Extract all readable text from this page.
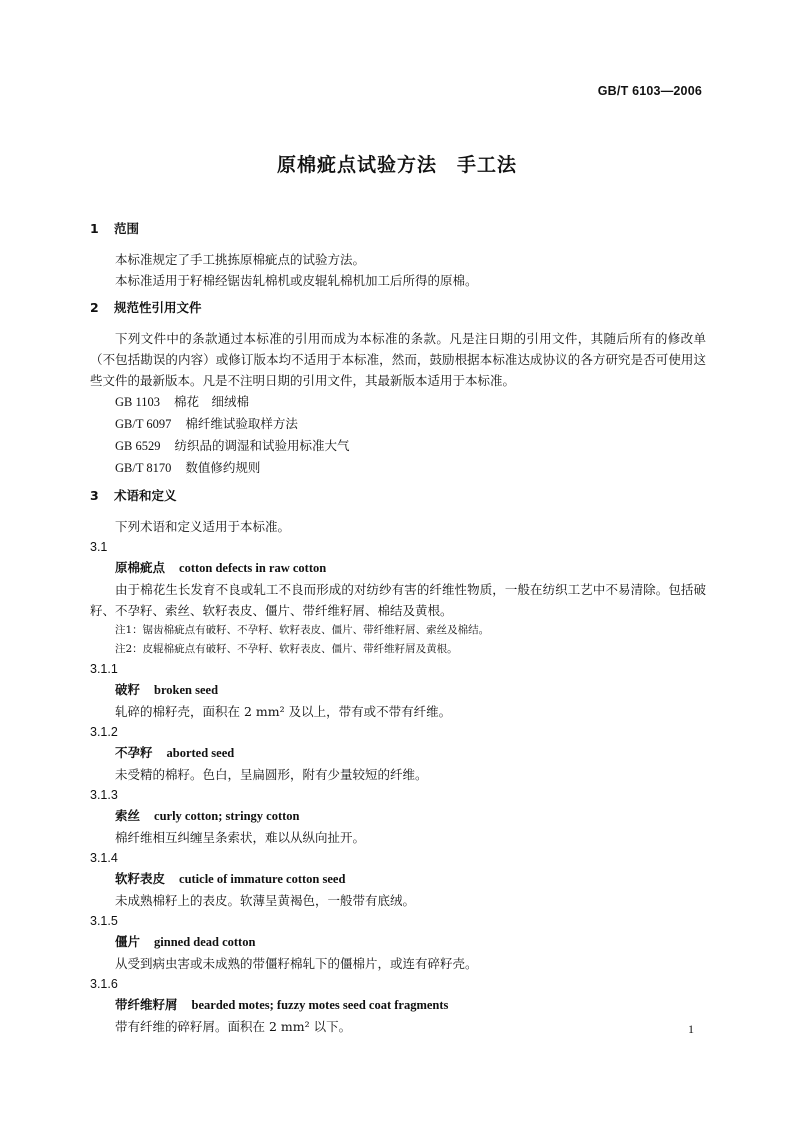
GB/T 6103—2006
原棉疵点试验方法　手工法
1 范围

本标准规定了手工挑拣原棉疵点的试验方法。

本标准适用于籽棉经锯齿轧棉机或皮辊轧棉机加工后所得的原棉。

2 规范性引用文件

下列文件中的条款通过本标准的引用而成为本标准的条款。凡是注日期的引用文件，其随后所有的修改单（不包括勘误的内容）或修订版本均不适用于本标准，然而，鼓励根据本标准达成协议的各方研究是否可使用这些文件的最新版本。凡是不注明日期的引用文件，其最新版本适用于本标准。

GB 1103 棉花　细绒棉

GB/T 6097 棉纤维试验取样方法

GB 6529 纺织品的调湿和试验用标准大气

GB/T 8170 数值修约规则

3 术语和定义

下列术语和定义适用于本标准。

3.1

原棉疵点 cotton defects in raw cotton

由于棉花生长发育不良或轧工不良而形成的对纺纱有害的纤维性物质，一般在纺织工艺中不易清除。包括破籽、不孕籽、索丝、软籽表皮、僵片、带纤维籽屑、棉结及黄根。

注1：锯齿棉疵点有破籽、不孕籽、软籽表皮、僵片、带纤维籽屑、索丝及棉结。

注2：皮辊棉疵点有破籽、不孕籽、软籽表皮、僵片、带纤维籽屑及黄根。

3.1.1

破籽 broken seed

轧碎的棉籽壳，面积在 2 mm² 及以上，带有或不带有纤维。

3.1.2

不孕籽 aborted seed

未受精的棉籽。色白，呈扁圆形，附有少量较短的纤维。

3.1.3

索丝 curly cotton; stringy cotton

棉纤维相互纠缠呈条索状，难以从纵向扯开。

3.1.4

软籽表皮 cuticle of immature cotton seed

未成熟棉籽上的表皮。软薄呈黄褐色，一般带有底绒。

3.1.5

僵片 ginned dead cotton

从受到病虫害或未成熟的带僵籽棉轧下的僵棉片，或连有碎籽壳。

3.1.6

带纤维籽屑 bearded motes; fuzzy motes seed coat fragments

带有纤维的碎籽屑。面积在 2 mm² 以下。	1
